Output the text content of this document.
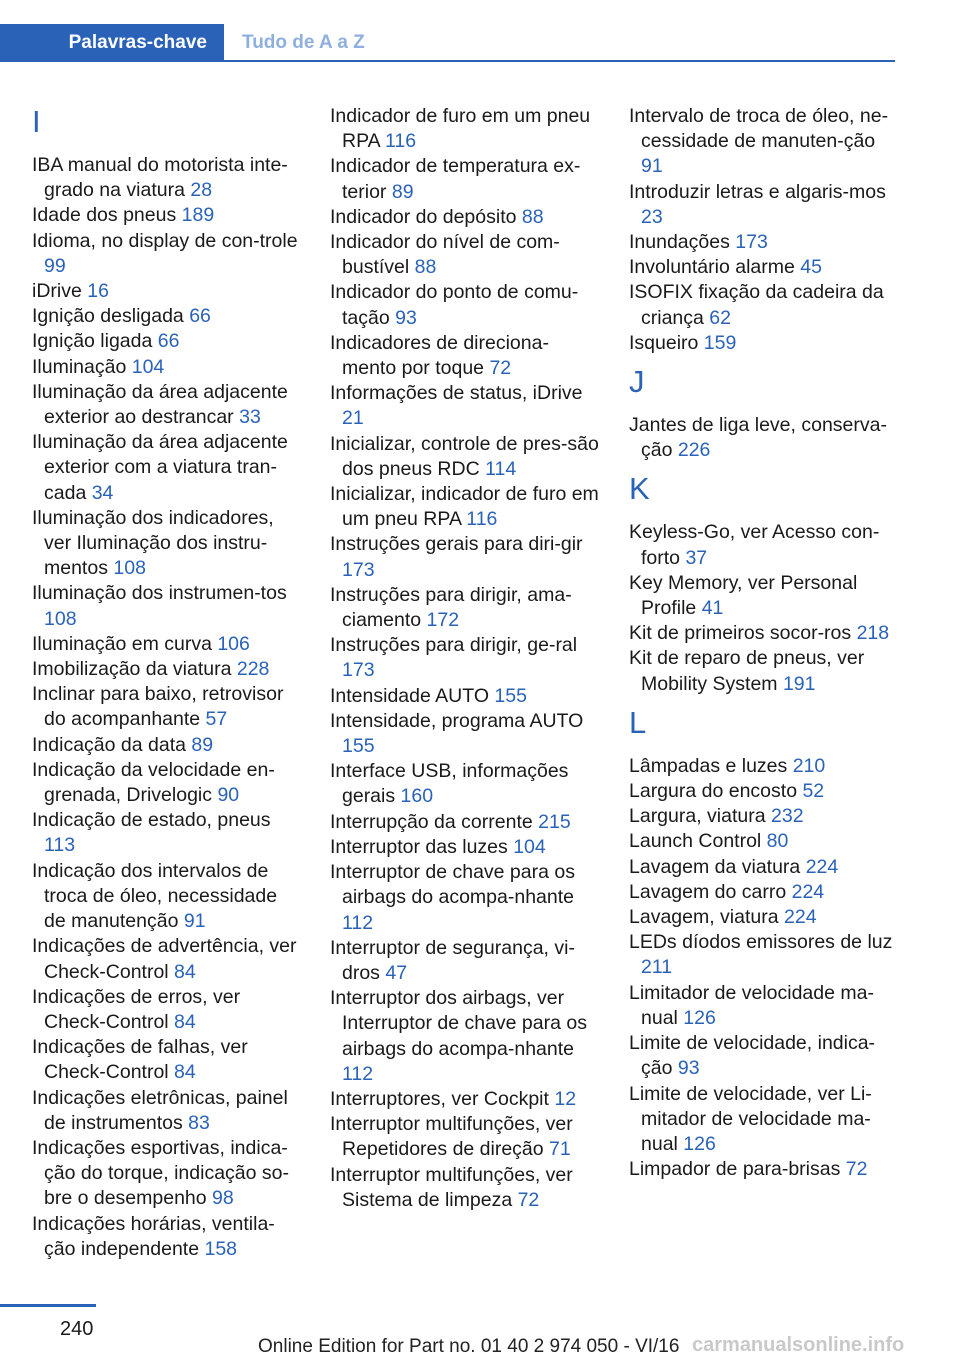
Palavras-chave	Tudo de A a Z
I
IBA manual do motorista inte-grado na viatura 28
Idade dos pneus 189
Idioma, no display de con-trole 99
iDrive 16
Ignição desligada 66
Ignição ligada 66
Iluminação 104
Iluminação da área adjacente exterior ao destrancar 33
Iluminação da área adjacente exterior com a viatura tran-cada 34
Iluminação dos indicadores, ver Iluminação dos instru-mentos 108
Iluminação dos instrumen-tos 108
Iluminação em curva 106
Imobilização da viatura 228
Inclinar para baixo, retrovisor do acompanhante 57
Indicação da data 89
Indicação da velocidade en-grenada, Drivelogic 90
Indicação de estado, pneus 113
Indicação dos intervalos de troca de óleo, necessidade de manutenção 91
Indicações de advertência, ver Check-Control 84
Indicações de erros, ver Check-Control 84
Indicações de falhas, ver Check-Control 84
Indicações eletrônicas, painel de instrumentos 83
Indicações esportivas, indica-ção do torque, indicação so-bre o desempenho 98
Indicações horárias, ventila-ção independente 158
Indicador de furo em um pneu RPA 116
Indicador de temperatura ex-terior 89
Indicador do depósito 88
Indicador do nível de com-bustível 88
Indicador do ponto de comu-tação 93
Indicadores de direciona-mento por toque 72
Informações de status, iDrive 21
Inicializar, controle de pres-são dos pneus RDC 114
Inicializar, indicador de furo em um pneu RPA 116
Instruções gerais para diri-gir 173
Instruções para dirigir, ama-ciamento 172
Instruções para dirigir, ge-ral 173
Intensidade AUTO 155
Intensidade, programa AUTO 155
Interface USB, informações gerais 160
Interrupção da corrente 215
Interruptor das luzes 104
Interruptor de chave para os airbags do acompa-nhante 112
Interruptor de segurança, vi-dros 47
Interruptor dos airbags, ver Interruptor de chave para os airbags do acompa-nhante 112
Interruptores, ver Cockpit 12
Interruptor multifunções, ver Repetidores de direção 71
Interruptor multifunções, ver Sistema de limpeza 72
Intervalo de troca de óleo, ne-cessidade de manuten-ção 91
Introduzir letras e algaris-mos 23
Inundações 173
Involuntário alarme 45
ISOFIX fixação da cadeira da criança 62
Isqueiro 159
J
Jantes de liga leve, conserva-ção 226
K
Keyless-Go, ver Acesso con-forto 37
Key Memory, ver Personal Profile 41
Kit de primeiros socor-ros 218
Kit de reparo de pneus, ver Mobility System 191
L
Lâmpadas e luzes 210
Largura do encosto 52
Largura, viatura 232
Launch Control 80
Lavagem da viatura 224
Lavagem do carro 224
Lavagem, viatura 224
LEDs díodos emissores de luz 211
Limitador de velocidade ma-nual 126
Limite de velocidade, indica-ção 93
Limite de velocidade, ver Li-mitador de velocidade ma-nual 126
Limpador de para-brisas 72
240
Online Edition for Part no. 01 40 2 974 050 - VI/16 carmanualsonline.info
